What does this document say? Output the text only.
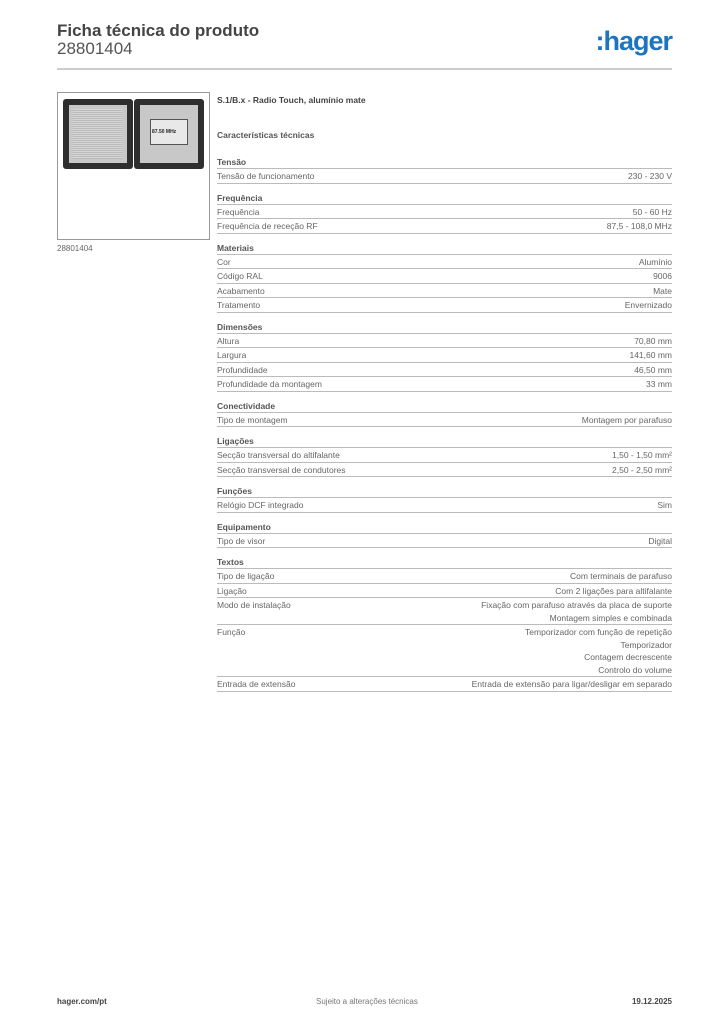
Ficha técnica do produto
28801404	:hager
87.50 MHz
28801404
S.1/B.x - Radio Touch, alumínio mate
Características técnicas
Tensão
Tensão de funcionamento	230 - 230 V
Frequência
Frequência	50 - 60 Hz
Frequência de receção RF	87,5 - 108,0 MHz
Materiais
Cor	Alumínio
Código RAL	9006
Acabamento	Mate
Tratamento	Envernizado
Dimensões
Altura	70,80 mm
Largura	141,60 mm
Profundidade	46,50 mm
Profundidade da montagem	33 mm
Conectividade
Tipo de montagem	Montagem por parafuso
Ligações
Secção transversal do altifalante	1,50 - 1,50 mm²
Secção transversal de condutores	2,50 - 2,50 mm²
Funções
Relógio DCF integrado	Sim
Equipamento
Tipo de visor	Digital
Textos
Tipo de ligação	Com terminais de parafuso
Ligação	Com 2 ligações para altifalante
Modo de instalação	Fixação com parafuso através da placa de suporte
Montagem simples e combinada
Função	Temporizador com função de repetição
Temporizador
Contagem decrescente
Controlo do volume
Entrada de extensão	Entrada de extensão para ligar/desligar em separado
hager.com/pt	Sujeito a alterações técnicas	19.12.2025
